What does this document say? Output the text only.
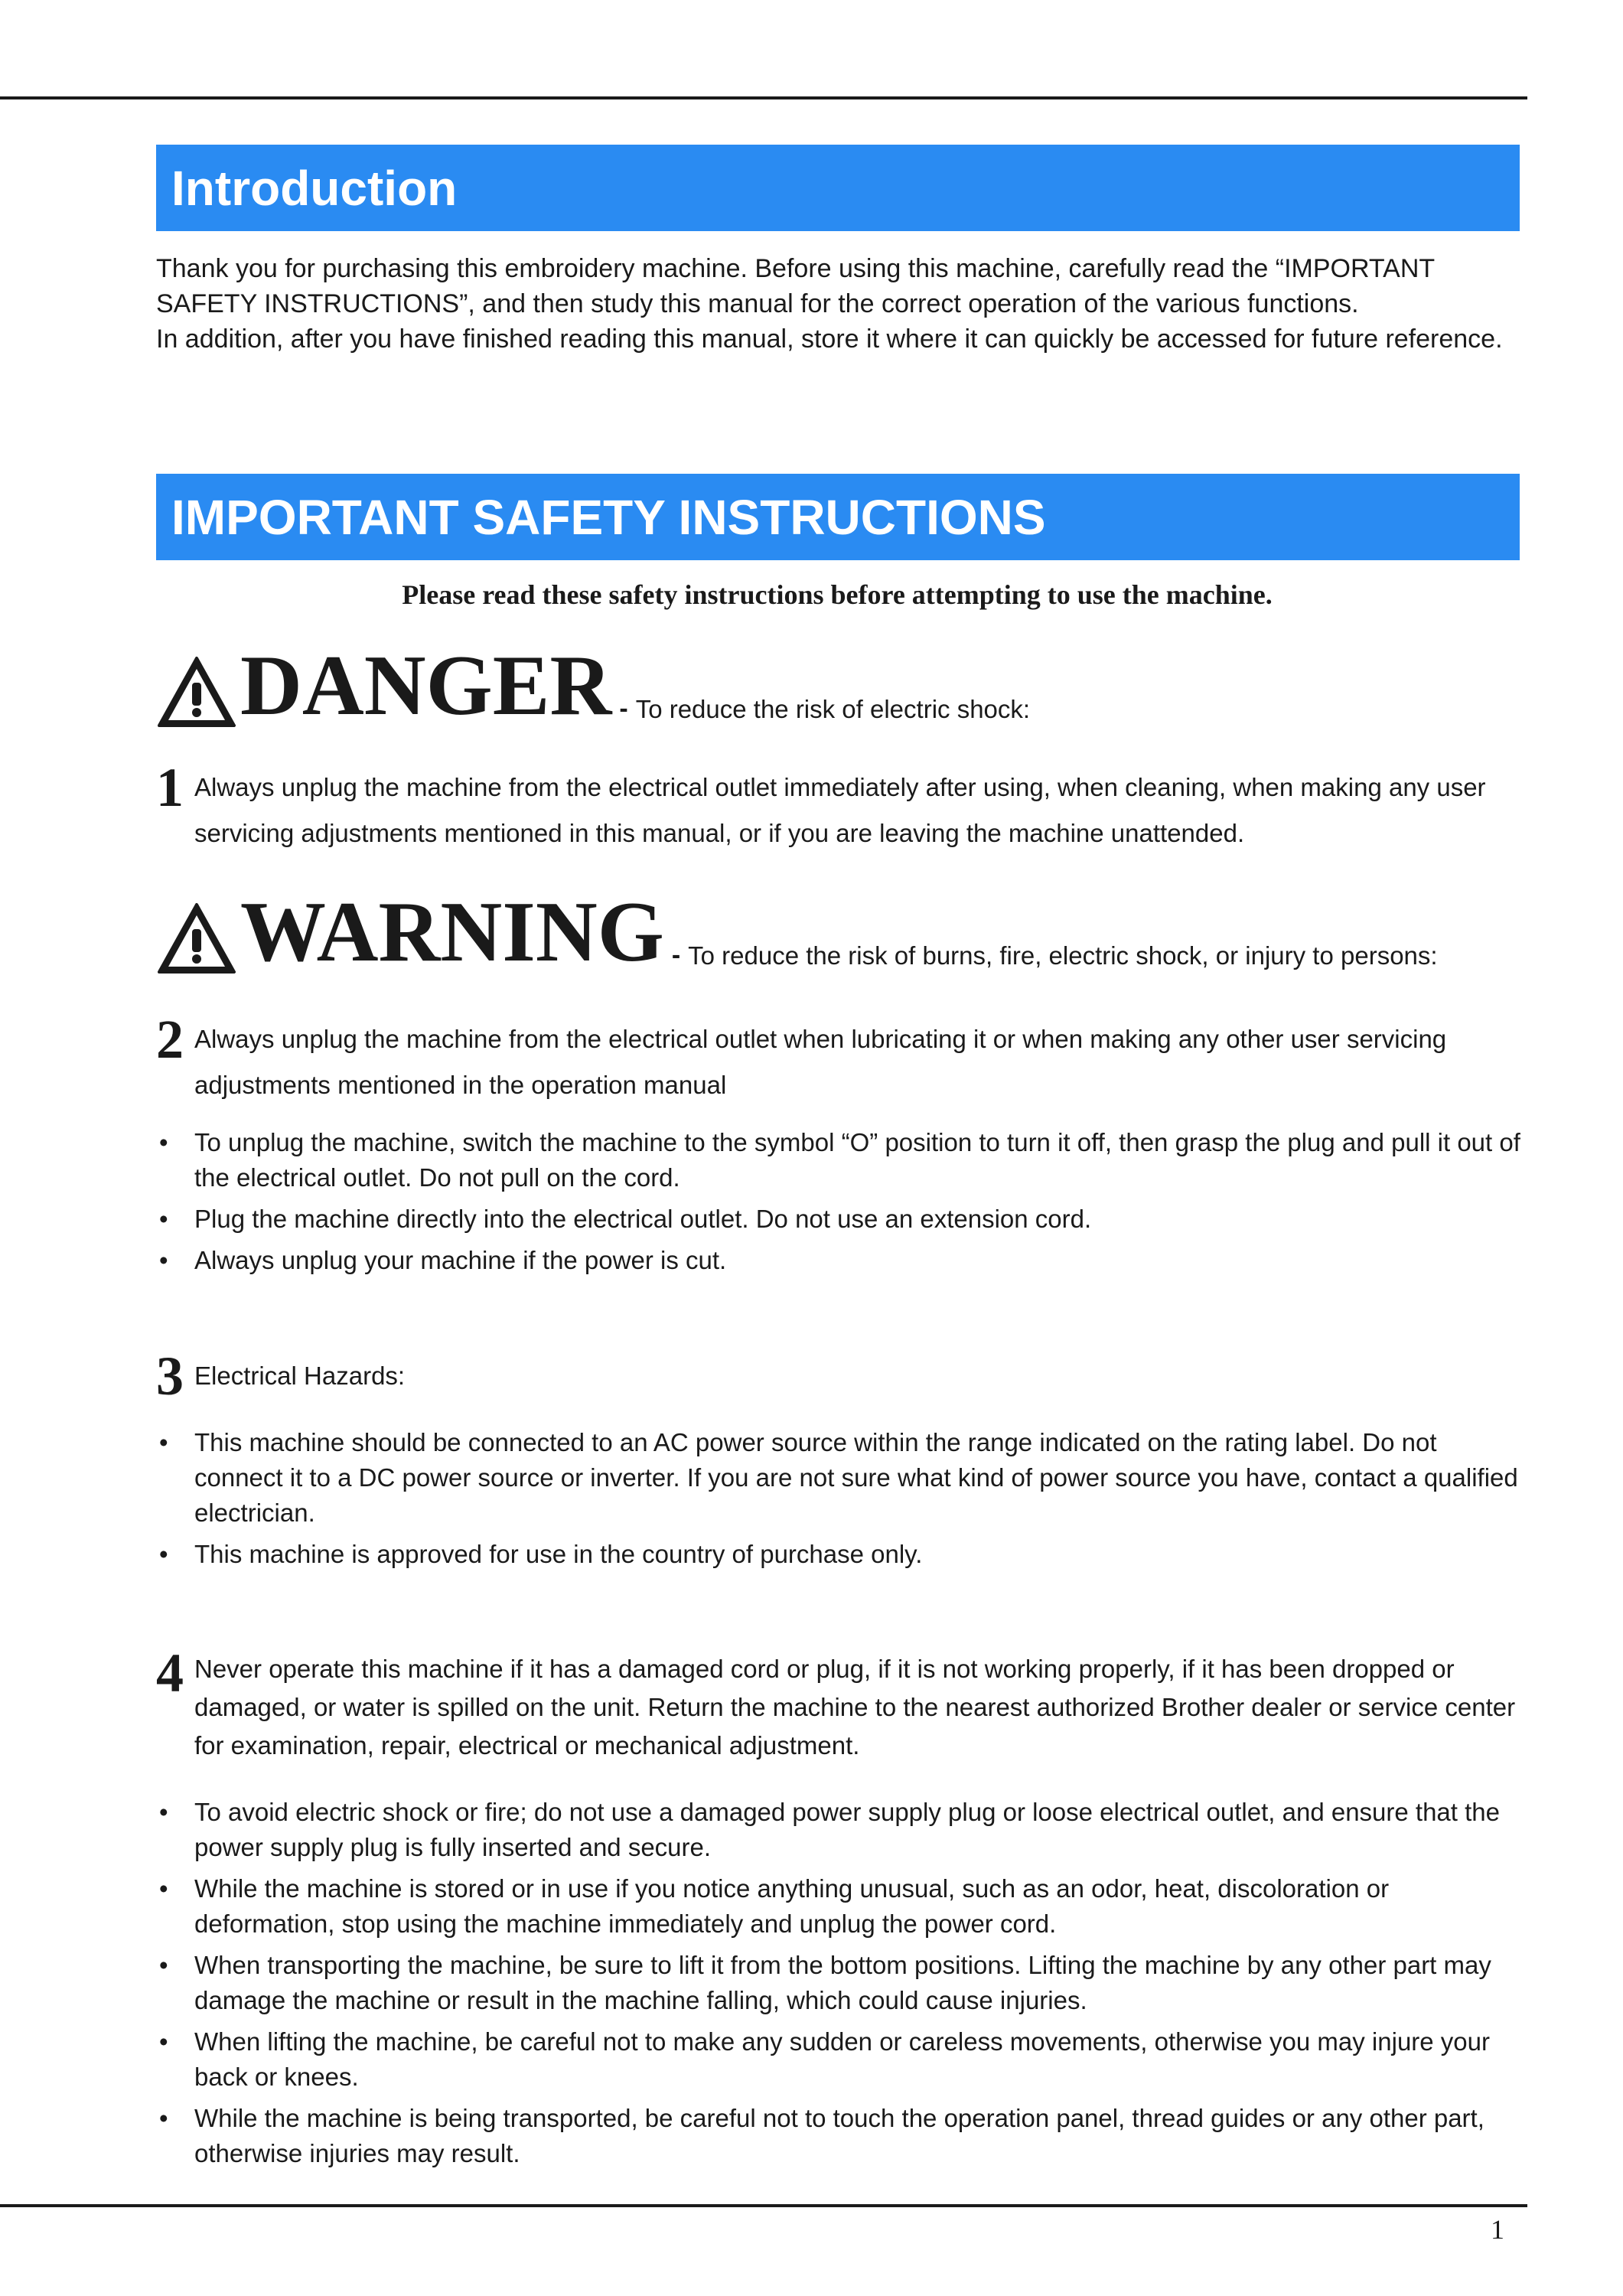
Introduction

Thank you for purchasing this embroidery machine. Before using this machine, carefully read the “IMPORTANT SAFETY INSTRUCTIONS”, and then study this manual for the correct operation of the various functions.

In addition, after you have finished reading this manual, store it where it can quickly be accessed for future reference.

IMPORTANT SAFETY INSTRUCTIONS
Please read these safety instructions before attempting to use the machine.
DANGER - To reduce the risk of electric shock:
1 Always unplug the machine from the electrical outlet immediately after using, when cleaning, when making any user servicing adjustments mentioned in this manual, or if you are leaving the machine unattended.
WARNING - To reduce the risk of burns, fire, electric shock, or injury to persons:
2 Always unplug the machine from the electrical outlet when lubricating it or when making any other user servicing adjustments mentioned in the operation manual
• To unplug the machine, switch the machine to the symbol “O” position to turn it off, then grasp the plug and pull it out of the electrical outlet. Do not pull on the cord.
• Plug the machine directly into the electrical outlet. Do not use an extension cord.
• Always unplug your machine if the power is cut.
3 Electrical Hazards:
• This machine should be connected to an AC power source within the range indicated on the rating label. Do not connect it to a DC power source or inverter. If you are not sure what kind of power source you have, contact a qualified electrician.
• This machine is approved for use in the country of purchase only.
4 Never operate this machine if it has a damaged cord or plug, if it is not working properly, if it has been dropped or damaged, or water is spilled on the unit. Return the machine to the nearest authorized Brother dealer or service center for examination, repair, electrical or mechanical adjustment.
• To avoid electric shock or fire; do not use a damaged power supply plug or loose electrical outlet, and ensure that the power supply plug is fully inserted and secure.
• While the machine is stored or in use if you notice anything unusual, such as an odor, heat, discoloration or deformation, stop using the machine immediately and unplug the power cord.
• When transporting the machine, be sure to lift it from the bottom positions. Lifting the machine by any other part may damage the machine or result in the machine falling, which could cause injuries.
• When lifting the machine, be careful not to make any sudden or careless movements, otherwise you may injure your back or knees.
• While the machine is being transported, be careful not to touch the operation panel, thread guides or any other part, otherwise injuries may result.
1
